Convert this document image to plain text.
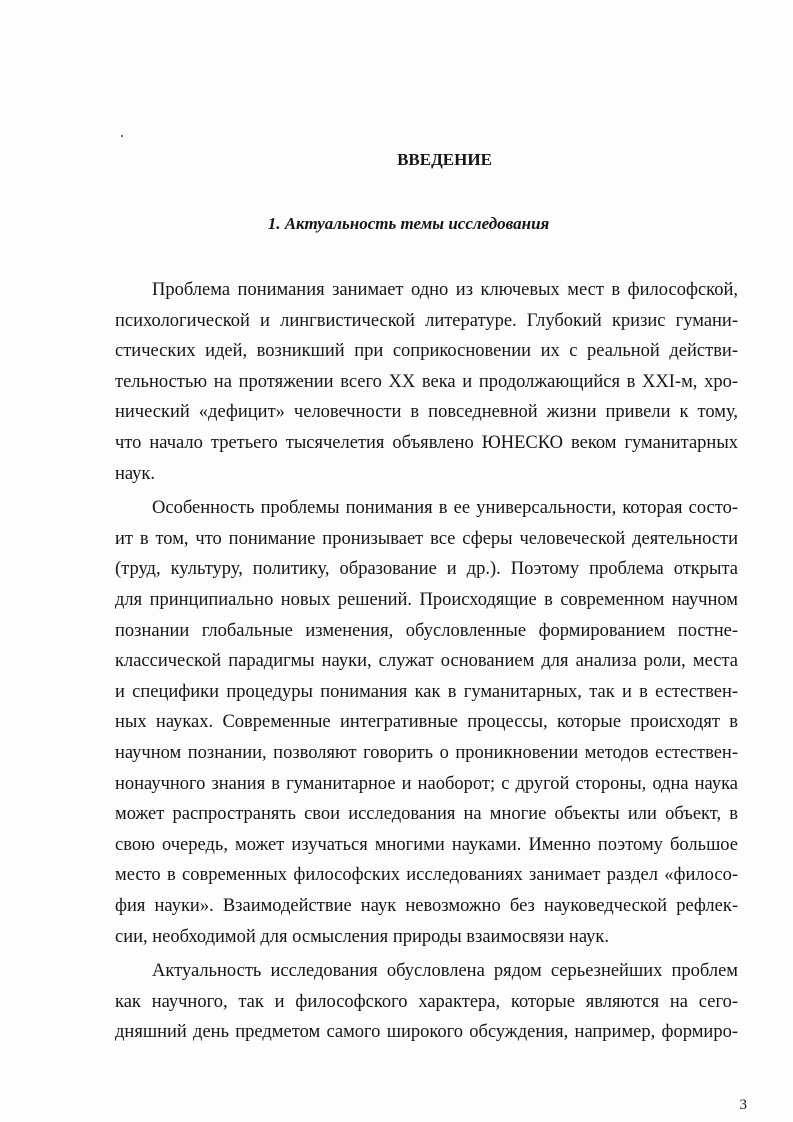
ВВЕДЕНИЕ
1. Актуальность темы исследования

Проблема понимания занимает одно из ключевых мест в философской,

психологической и лингвистической литературе. Глубокий кризис гумани-

стических идей, возникший при соприкосновении их с реальной действи-

тельностью на протяжении всего XX века и продолжающийся в XXI-м, хро-

нический «дефицит» человечности в повседневной жизни привели к тому,

что начало третьего тысячелетия объявлено ЮНЕСКО веком гуманитарных

наук.

Особенность проблемы понимания в ее универсальности, которая состо-

ит в том, что понимание пронизывает все сферы человеческой деятельности

(труд, культуру, политику, образование и др.). Поэтому проблема открыта

для принципиально новых решений. Происходящие в современном научном

познании глобальные изменения, обусловленные формированием постне-

классической парадигмы науки, служат основанием для анализа роли, места

и специфики процедуры понимания как в гуманитарных, так и в естествен-

ных науках. Современные интегративные процессы, которые происходят в

научном познании, позволяют говорить о проникновении методов естествен-

нонаучного знания в гуманитарное и наоборот; с другой стороны, одна наука

может распространять свои исследования на многие объекты или объект, в

свою очередь, может изучаться многими науками. Именно поэтому большое

место в современных философских исследованиях занимает раздел «филосо-

фия науки». Взаимодействие наук невозможно без науковедческой рефлек-

сии, необходимой для осмысления природы взаимосвязи наук.

Актуальность исследования обусловлена рядом серьезнейших проблем

как научного, так и философского характера, которые являются на сего-

дняшний день предметом самого широкого обсуждения, например, формиро-

3
